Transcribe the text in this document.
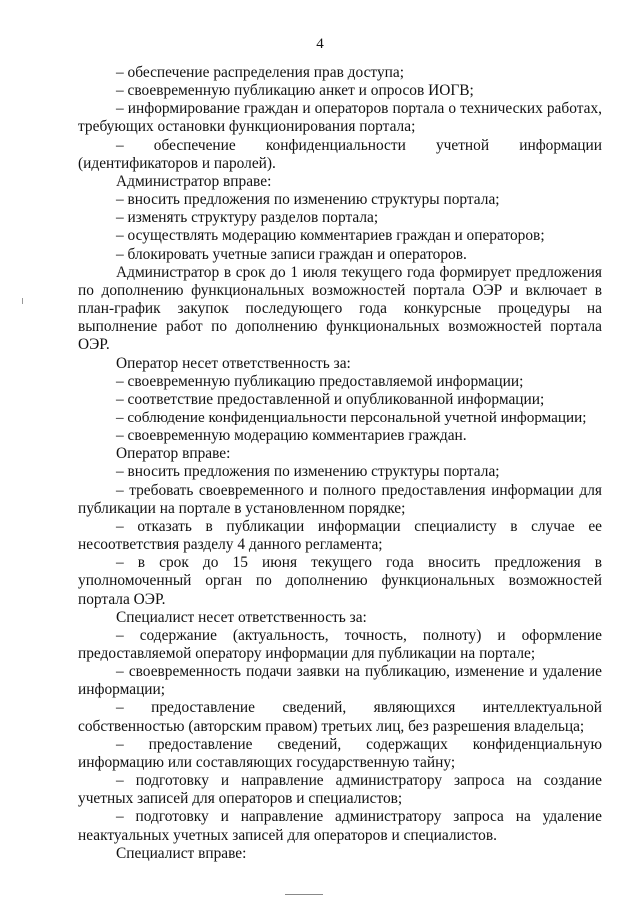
4

– обеспечение распределения прав доступа;

– своевременную публикацию анкет и опросов ИОГВ;

– информирование граждан и операторов портала о технических работах, требующих остановки функционирования портала;

– обеспечение конфиденциальности учетной информации (идентификаторов и паролей).

Администратор вправе:

– вносить предложения по изменению структуры портала;

– изменять структуру разделов портала;

– осуществлять модерацию комментариев граждан и операторов;

– блокировать учетные записи граждан и операторов.

Администратор в срок до 1 июля текущего года формирует предложения по дополнению функциональных возможностей портала ОЭР и включает в план-график закупок последующего года конкурсные процедуры на выполнение работ по дополнению функциональных возможностей портала ОЭР.

Оператор несет ответственность за:

– своевременную публикацию предоставляемой информации;

– соответствие предоставленной и опубликованной информации;

– соблюдение конфиденциальности персональной учетной информации;

– своевременную модерацию комментариев граждан.

Оператор вправе:

– вносить предложения по изменению структуры портала;

– требовать своевременного и полного предоставления информации для публикации на портале в установленном порядке;

– отказать в публикации информации специалисту в случае ее несоответствия разделу 4 данного регламента;

– в срок до 15 июня текущего года вносить предложения в уполномоченный орган по дополнению функциональных возможностей портала ОЭР.

Специалист несет ответственность за:

– содержание (актуальность, точность, полноту) и оформление предоставляемой оператору информации для публикации на портале;

– своевременность подачи заявки на публикацию, изменение и удаление информации;

– предоставление сведений, являющихся интеллектуальной собственностью (авторским правом) третьих лиц, без разрешения владельца;

– предоставление сведений, содержащих конфиденциальную информацию или составляющих государственную тайну;

– подготовку и направление администратору запроса на создание учетных записей для операторов и специалистов;

– подготовку и направление администратору запроса на удаление неактуальных учетных записей для операторов и специалистов.

Специалист вправе:
